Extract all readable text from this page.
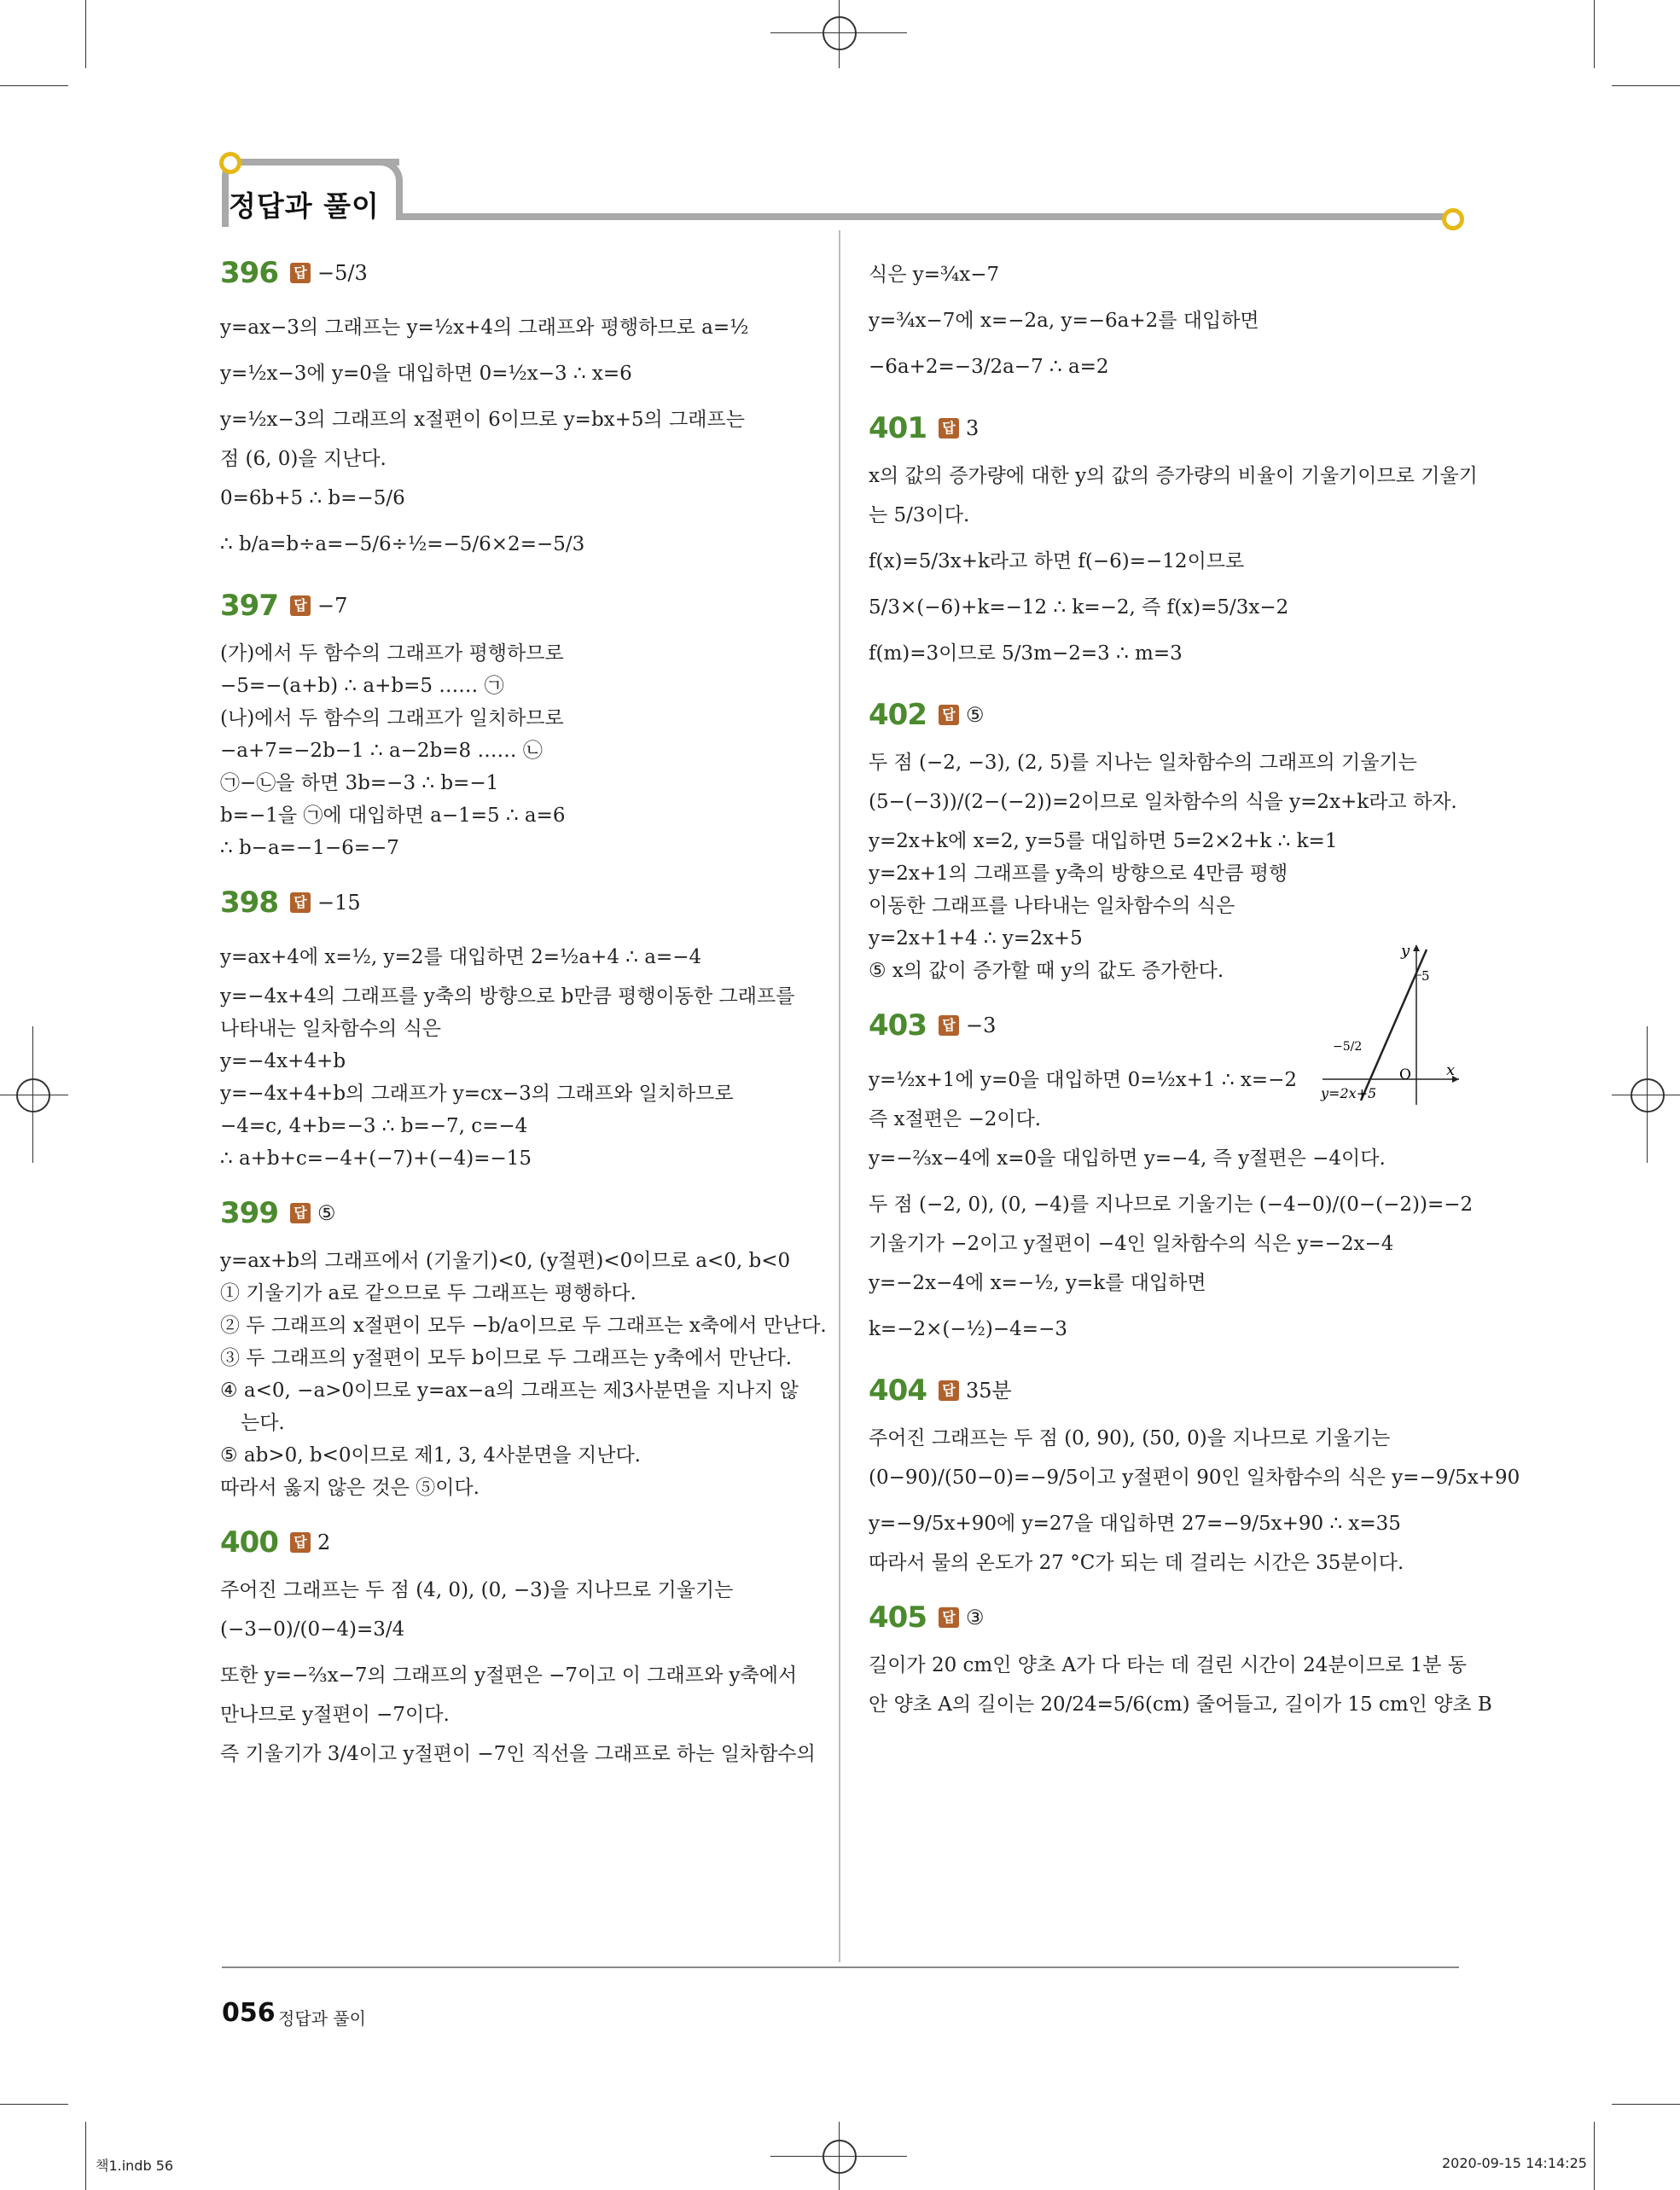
정답과 풀이
396 답 −5/3
y=ax−3의 그래프는 y=½x+4의 그래프와 평행하므로 a=½
y=½x−3에 y=0을 대입하면 0=½x−3 ∴ x=6
y=½x−3의 그래프의 x절편이 6이므로 y=bx+5의 그래프는
점 (6, 0)을 지난다.
0=6b+5 ∴ b=−5/6
∴ b/a=b÷a=−5/6÷½=−5/6×2=−5/3
397 답 −7
(가)에서 두 함수의 그래프가 평행하므로
−5=−(a+b) ∴ a+b=5 …… ㉠
(나)에서 두 함수의 그래프가 일치하므로
−a+7=−2b−1 ∴ a−2b=8 …… ㉡
㉠−㉡을 하면 3b=−3 ∴ b=−1
b=−1을 ㉠에 대입하면 a−1=5 ∴ a=6
∴ b−a=−1−6=−7
398 답 −15
y=ax+4에 x=½, y=2를 대입하면 2=½a+4 ∴ a=−4
y=−4x+4의 그래프를 y축의 방향으로 b만큼 평행이동한 그래프를
나타내는 일차함수의 식은
y=−4x+4+b
y=−4x+4+b의 그래프가 y=cx−3의 그래프와 일치하므로
−4=c, 4+b=−3 ∴ b=−7, c=−4
∴ a+b+c=−4+(−7)+(−4)=−15
399 답 ⑤
y=ax+b의 그래프에서 (기울기)<0, (y절편)<0이므로 a<0, b<0
① 기울기가 a로 같으므로 두 그래프는 평행하다.
② 두 그래프의 x절편이 모두 −b/a이므로 두 그래프는 x축에서 만난다.
③ 두 그래프의 y절편이 모두 b이므로 두 그래프는 y축에서 만난다.
④ a<0, −a>0이므로 y=ax−a의 그래프는 제3사분면을 지나지 않
는다.
⑤ ab>0, b<0이므로 제1, 3, 4사분면을 지난다.
따라서 옳지 않은 것은 ⑤이다.
400 답 2
주어진 그래프는 두 점 (4, 0), (0, −3)을 지나므로 기울기는
(−3−0)/(0−4)=3/4
또한 y=−⅔x−7의 그래프의 y절편은 −7이고 이 그래프와 y축에서
만나므로 y절편이 −7이다.
즉 기울기가 3/4이고 y절편이 −7인 직선을 그래프로 하는 일차함수의
식은 y=¾x−7
y=¾x−7에 x=−2a, y=−6a+2를 대입하면
−6a+2=−3/2a−7 ∴ a=2
401 답 3
x의 값의 증가량에 대한 y의 값의 증가량의 비율이 기울기이므로 기울기
는 5/3이다.
f(x)=5/3x+k라고 하면 f(−6)=−12이므로
5/3×(−6)+k=−12 ∴ k=−2, 즉 f(x)=5/3x−2
f(m)=3이므로 5/3m−2=3 ∴ m=3
402 답 ⑤
두 점 (−2, −3), (2, 5)를 지나는 일차함수의 그래프의 기울기는
(5−(−3))/(2−(−2))=2이므로 일차함수의 식을 y=2x+k라고 하자.
y=2x+k에 x=2, y=5를 대입하면 5=2×2+k ∴ k=1
y=2x+1의 그래프를 y축의 방향으로 4만큼 평행
이동한 그래프를 나타내는 일차함수의 식은
y=2x+1+4 ∴ y=2x+5
⑤ x의 값이 증가할 때 y의 값도 증가한다.
403 답 −3
y=½x+1에 y=0을 대입하면 0=½x+1 ∴ x=−2
즉 x절편은 −2이다.
y=−⅔x−4에 x=0을 대입하면 y=−4, 즉 y절편은 −4이다.
두 점 (−2, 0), (0, −4)를 지나므로 기울기는 (−4−0)/(0−(−2))=−2
기울기가 −2이고 y절편이 −4인 일차함수의 식은 y=−2x−4
y=−2x−4에 x=−½, y=k를 대입하면
k=−2×(−½)−4=−3
404 답 35분
주어진 그래프는 두 점 (0, 90), (50, 0)을 지나므로 기울기는
(0−90)/(50−0)=−9/5이고 y절편이 90인 일차함수의 식은 y=−9/5x+90
y=−9/5x+90에 y=27을 대입하면 27=−9/5x+90 ∴ x=35
따라서 물의 온도가 27 °C가 되는 데 걸리는 시간은 35분이다.
405 답 ③
길이가 20 cm인 양초 A가 다 타는 데 걸린 시간이 24분이므로 1분 동
안 양초 A의 길이는 20/24=5/6(cm) 줄어들고, 길이가 15 cm인 양초 B
y
x
O
5
−5/2
y=2x+5
056 정답과 풀이
책1.indb 56	2020-09-15 14:14:25
